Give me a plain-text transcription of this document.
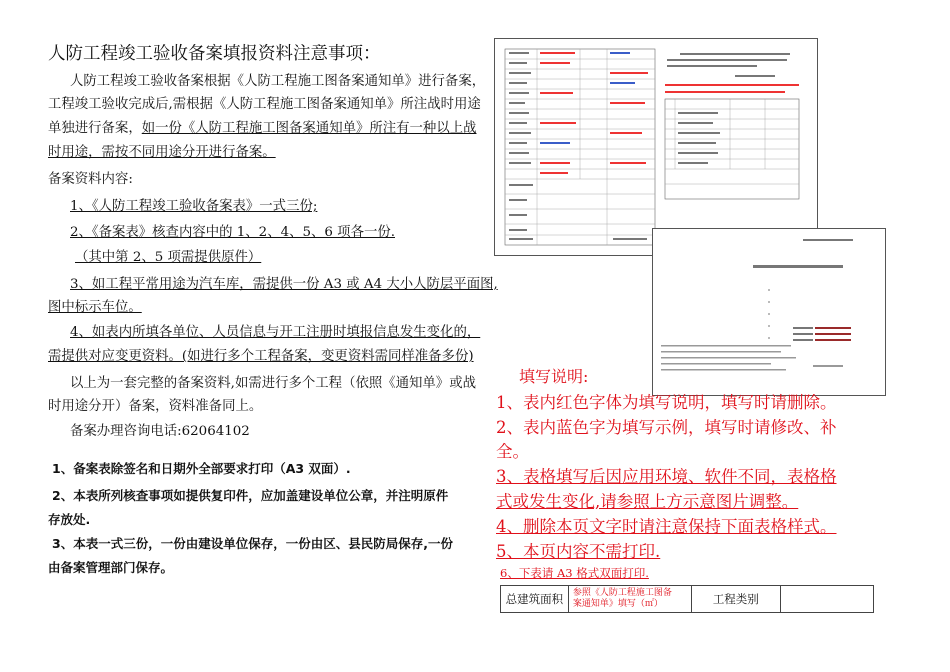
人防工程竣工验收备案填报资料注意事项：
人防工程竣工验收备案根据《人防工程施工图备案通知单》进行备案，
工程竣工验收完成后,需根据《人防工程施工图备案通知单》所注战时用途
单独进行备案，如一份《人防工程施工图备案通知单》所注有一种以上战
时用途，需按不同用途分开进行备案。
备案资料内容:
1、《人防工程竣工验收备案表》一式三份;
2、《备案表》核查内容中的 1、2、4、5、6 项各一份.
（其中第 2、5 项需提供原件）
3、如工程平常用途为汽车库，需提供一份 A3 或 A4 大小人防层平面图,
图中标示车位。
4、如表内所填各单位、人员信息与开工注册时填报信息发生变化的，
需提供对应变更资料。(如进行多个工程备案，变更资料需同样准备多份)
以上为一套完整的备案资料,如需进行多个工程（依照《通知单》或战
时用途分开）备案，资料准备同上。
备案办理咨询电话:62064102
1、备案表除签名和日期外全部要求打印（A3 双面）.
2、本表所列核查事项如提供复印件，应加盖建设单位公章，并注明原件
存放处.
3、本表一式三份，一份由建设单位保存，一份由区、县民防局保存,一份
由备案管理部门保存。
填写说明:
1、表内红色字体为填写说明，填写时请删除。
2、表内蓝色字为填写示例，填写时请修改、补
全。
3、表格填写后因应用环境、软件不同，表格格
式或发生变化,请参照上方示意图片调整。
4、删除本页文字时请注意保持下面表格样式。
5、本页内容不需打印.
6、下表请 A3 格式双面打印.
总建筑面积	参照《人防工程施工图备
案通知单》填写（㎡）	工程类别	
